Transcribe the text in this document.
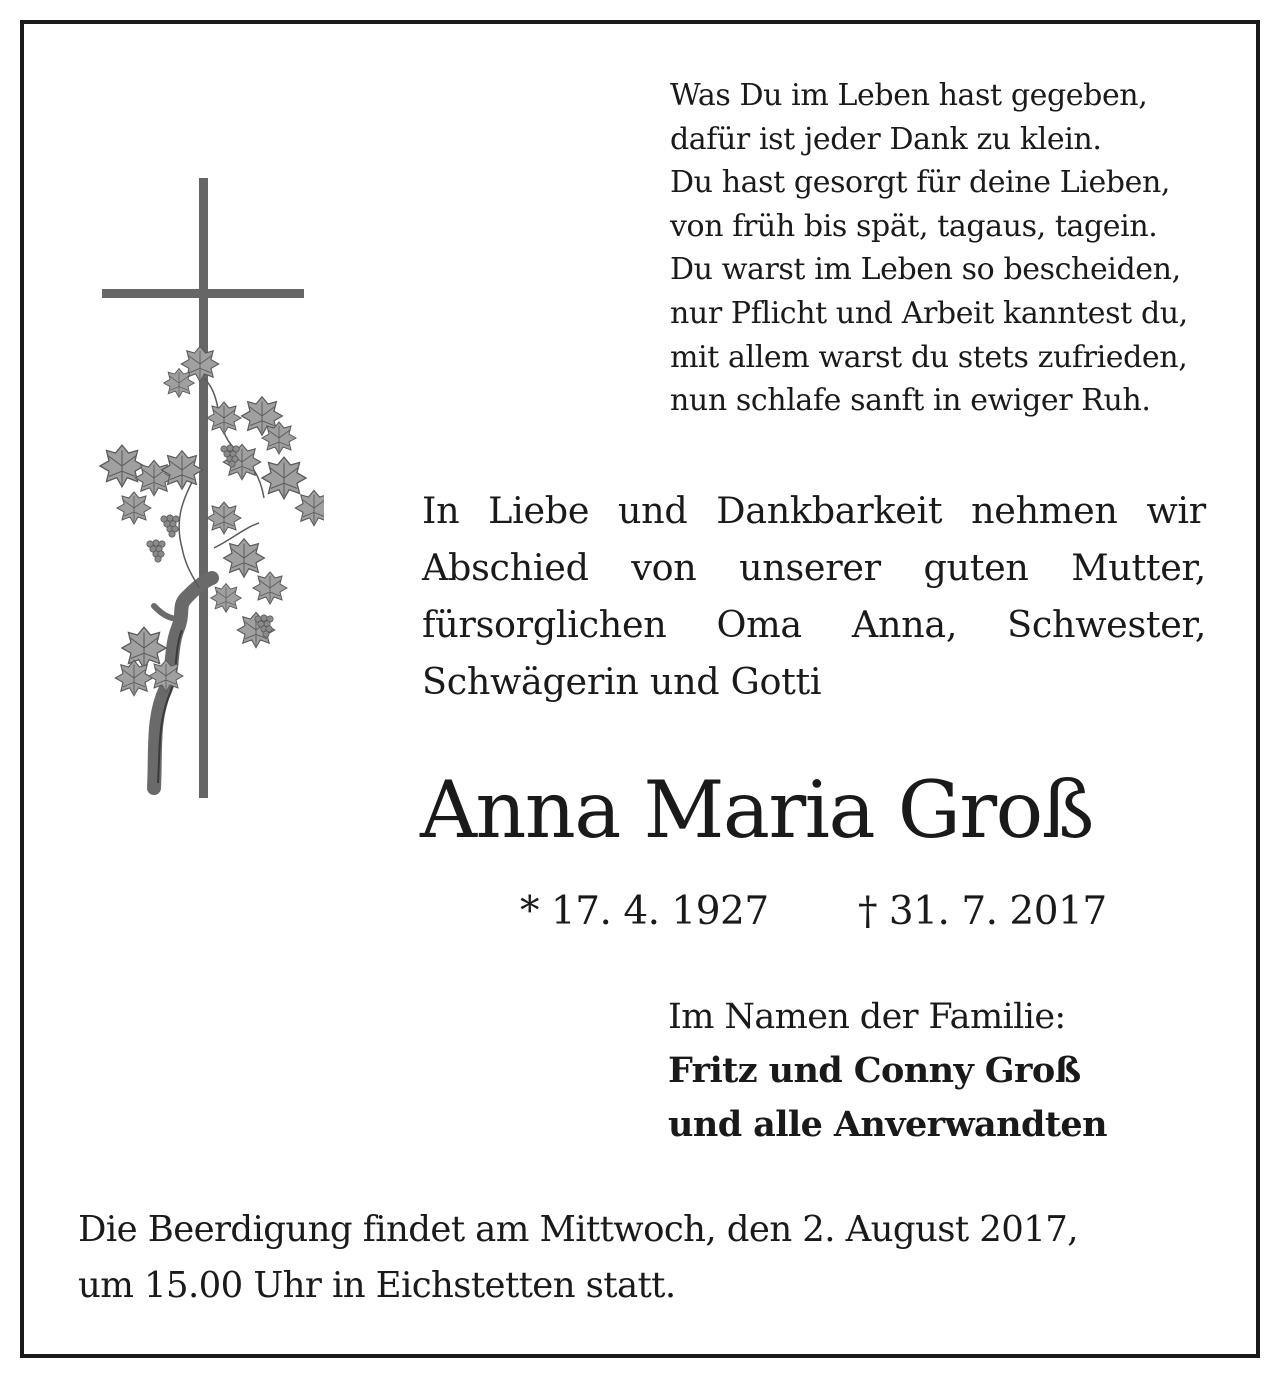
Was Du im Leben hast gegeben,
dafür ist jeder Dank zu klein.
Du hast gesorgt für deine Lieben,
von früh bis spät, tagaus, tagein.
Du warst im Leben so bescheiden,
nur Pflicht und Arbeit kanntest du,
mit allem warst du stets zufrieden,
nun schlafe sanft in ewiger Ruh.
In Liebe und Dankbarkeit nehmen wir
Abschied von unserer guten Mutter,
fürsorglichen Oma Anna, Schwester,
Schwägerin und Gotti
Anna Maria Groß
* 17. 4. 1927 † 31. 7. 2017
Im Namen der Familie:
Fritz und Conny Groß
und alle Anverwandten
Die Beerdigung findet am Mittwoch, den 2. August 2017,
um 15.00 Uhr in Eichstetten statt.
